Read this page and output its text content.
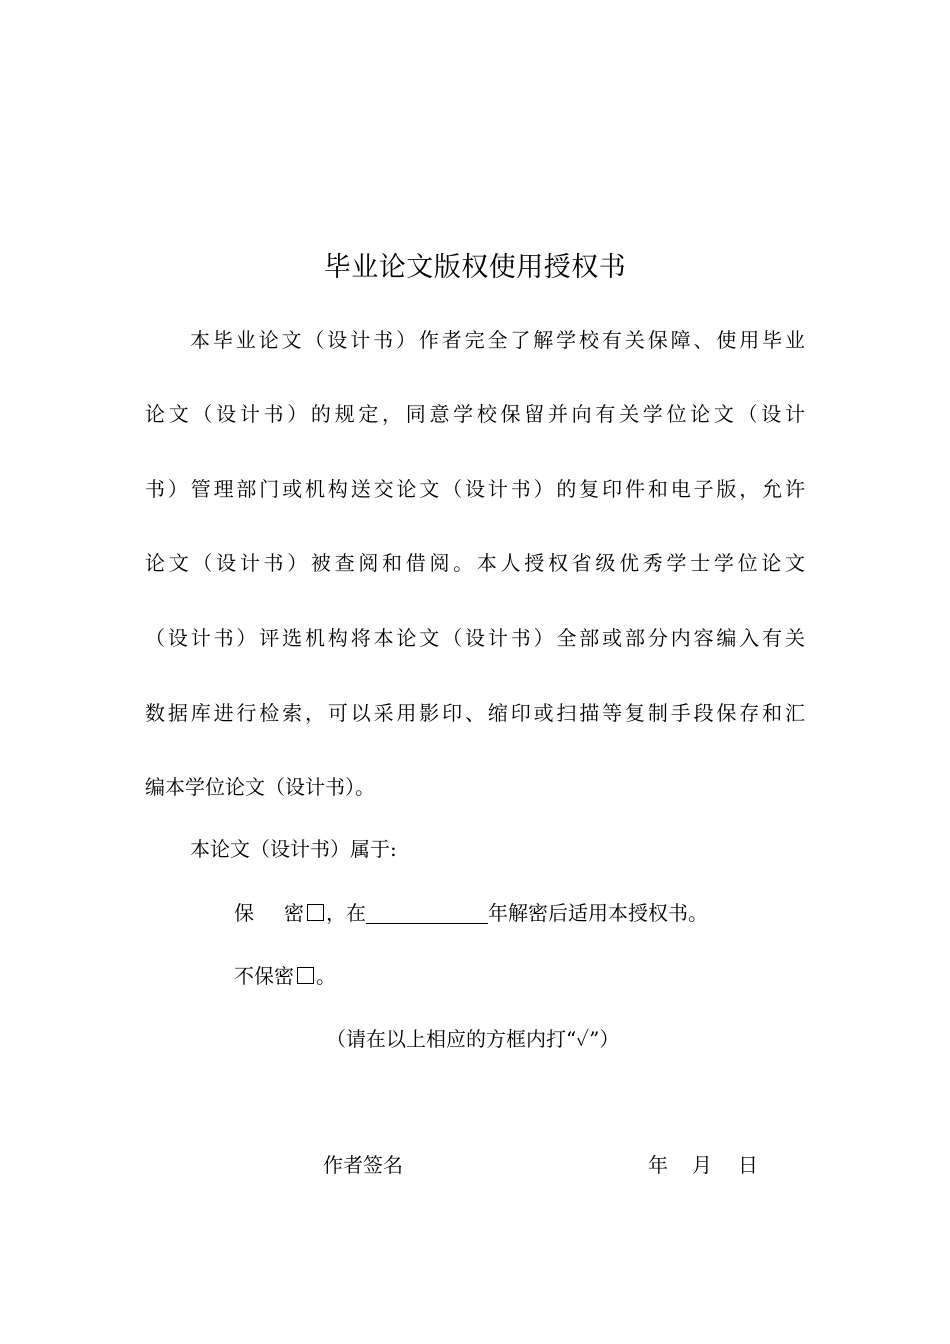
毕业论文版权使用授权书
本毕业论文（设计书）作者完全了解学校有关保障、使用毕业
论文（设计书）的规定，同意学校保留并向有关学位论文（设计
书）管理部门或机构送交论文（设计书）的复印件和电子版，允许
论文（设计书）被查阅和借阅。本人授权省级优秀学士学位论文
（设计书）评选机构将本论文（设计书）全部或部分内容编入有关
数据库进行检索，可以采用影印、缩印或扫描等复制手段保存和汇
编本学位论文（设计书）。
本论文（设计书）属于:
保 密 ，在	年解密后适用本授权书。
不保密 。
（请在以上相应的方框内打“✓”）
作者签名	年 月 日
